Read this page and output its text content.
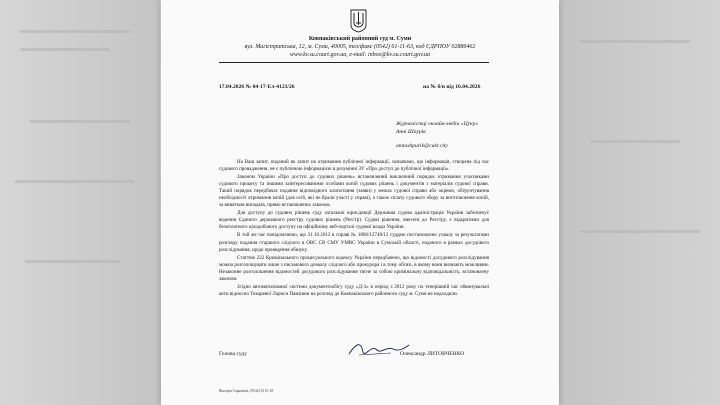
Ковпаківський районний суд м. Суми
вул. Магістратська, 12, м. Суми, 40005, тел/факс (0542) 61-11-63, код ЄДРПОУ 02886462
www.kv.su.court.gov.ua, e-mail: inbox@kv.su.court.gov.ua
17.04.2026 № 04-17-Ел-4123/26	на № б/н від 16.04.2026
Журналістці онлайн-медіа «Цукр»
Анні Шпурік
annashpurik@cukr.city

На Ваш запит, поданий як запит на отримання публічної інформації, зазначимо, що інформація, створена під час судового провадження, не є публічною інформацією в розумінні ЗУ «Про доступ до публічної інформації».

Законом України «Про доступ до судових рішень» встановлений виключний порядок отримання учасниками судового процесу та іншими заінтересованими особами копій судових рішень і документів з матеріалів судової справи. Такий порядок передбачає подання відповідного клопотання (заяви) у межах судової справи або окремо, обґрунтування необхідності отримання копій (для осіб, які не брали участі у справі), а також сплату судового збору за виготовлення копій, за винятком випадків, прямо встановлених законом.

Для доступу до судових рішень суду загальної юрисдикції Державна судова адміністрація України забезпечує ведення Єдиного державного реєстру судових рішень (Реєстр). Судові рішення, внесені до Реєстру, є відкритими для безоплатного цілодобового доступу на офіційному веб-порталі судової влади України.

В той же час повідомляємо, що 31.10.2012 в справі № 1806/12748/12 суддею постановлено ухвалу за результатами розгляду подання старшого слідчого в ОВС СВ СМУ УМВС України в Сумській області, поданого в рамках досудового розслідування, щодо проведення обшуку.

Статтею 222 Кримінального процесуального кодексу України передбачено, що відомості досудового розслідування можна розголошувати лише з письмового дозволу слідчого або прокурора і в тому обсязі, в якому вони визнають можливим. Незаконне розголошення відомостей досудового розслідування тягне за собою кримінальну відповідальність, встановлену законом.

Згідно автоматизованої системи документообігу суду «Д-3» в період з 2012 року по теперішній час обвинувальні акти відносно Токаревої Лариси Павлівни на розгляд до Ковпаківського районного суду м. Суми не надходили.

Голова суду	Олександр ЛИТОВЧЕНКО
Вікторія Сарашвілі, (0542) 61 01 28
